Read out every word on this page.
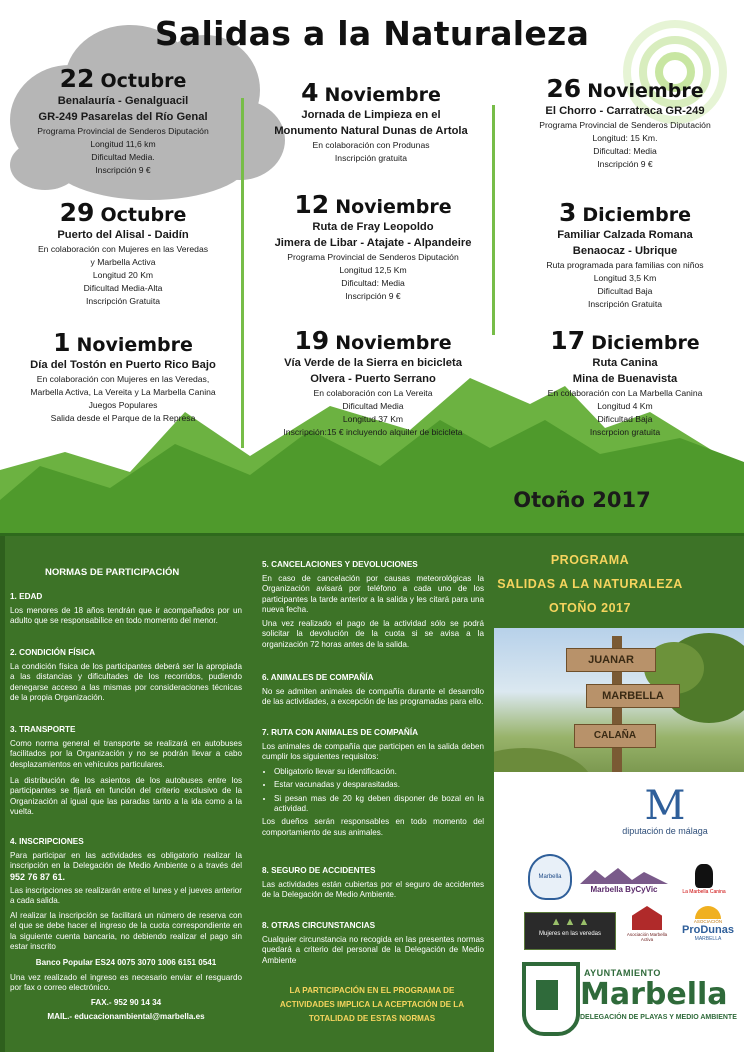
Salidas a la Naturaleza
22 Octubre
Benalauría - Genalguacil
GR-249 Pasarelas del Río Genal
Programa Provincial de Senderos Diputación
Longitud 11,6 km
Dificultad Media.
Inscripción 9 €
4 Noviembre
Jornada de Limpieza en el
Monumento Natural Dunas de Artola
En colaboración con Produnas
Inscripción gratuita
26 Noviembre
El Chorro - Carratraca GR-249
Programa Provincial de Senderos Diputación
Longitud: 15 Km.
Dificultad: Media
Inscripción 9 €
29 Octubre
Puerto del Alisal - Daidín
En colaboración con Mujeres en las Veredas
y Marbella Activa
Longitud 20 Km
Dificultad Media-Alta
Inscripción Gratuita
12 Noviembre
Ruta de Fray Leopoldo
Jimera de Libar - Atajate - Alpandeire
Programa Provincial de Senderos Diputación
Longitud 12,5 Km
Dificultad: Media
Inscripción 9 €
3 Diciembre
Familiar Calzada Romana
Benaocaz - Ubrique
Ruta programada para familias con niños
Longitud 3,5 Km
Dificultad Baja
Inscripción Gratuita
1 Noviembre
Día del Tostón en Puerto Rico Bajo
En colaboración con Mujeres en las Veredas,
Marbella Activa, La Vereita y La Marbella Canina
Juegos Populares
Salida desde el Parque de la Represa
19 Noviembre
Vía Verde de la Sierra en bicicleta
Olvera - Puerto Serrano
En colaboración con La Vereita
Dificultad Media
Longitud 37 Km
Inscripción:15 € incluyendo alquiler de bicicleta
17 Diciembre
Ruta Canina
Mina de Buenavista
En colaboración con La Marbella Canina
Longitud 4 Km
Dificultad Baja
Inscrpcion gratuita
Otoño 2017
NORMAS DE PARTICIPACIÓN
1. EDAD
Los menores de 18 años tendrán que ir acompañados por un adulto que se responsabilice en todo momento del menor.
2. CONDICIÓN FÍSICA
La condición física de los participantes deberá ser la apropiada a las distancias y dificultades de los recorridos, pudiendo denegarse acceso a las mismas por consideraciones técnicas de la propia Organización.
3. TRANSPORTE
Como norma general el transporte se realizará en autobuses facilitados por la Organización y no se podrán llevar a cabo desplazamientos en vehículos particulares.
La distribución de los asientos de los autobuses entre los participantes se fijará en función del criterio exclusivo de la Organización al igual que las paradas tanto a la ida como a la vuelta.
4. INSCRIPCIONES
Para participar en las actividades es obligatorio realizar la inscripción en la Delegación de Medio Ambiente o a través del 952 76 87 61.
Las inscripciones se realizarán entre el lunes y el jueves anterior a cada salida.
Al realizar la inscripción se facilitará un número de reserva con el que se debe hacer el ingreso de la cuota correspondiente en la siguiente cuenta bancaria, no debiendo realizar el pago sin estar inscrito
Banco Popular ES24 0075 3070 1006 6151 0541
Una vez realizado el ingreso es necesario enviar el resguardo por fax o correo electrónico.
FAX.- 952 90 14 34
MAIL.- educacionambiental@marbella.es
5. CANCELACIONES Y DEVOLUCIONES
En caso de cancelación por causas meteorológicas la Organización avisará por teléfono a cada uno de los participantes la tarde anterior a la salida y les citará para una nueva fecha.
Una vez realizado el pago de la actividad sólo se podrá solicitar la devolución de la cuota si se avisa a la organización 72 horas antes de la salida.
6. ANIMALES DE COMPAÑÍA
No se admiten animales de compañía durante el desarrollo de las actividades, a excepción de las programadas para ello.
7. RUTA CON ANIMALES DE COMPAÑÍA
Los animales de compañía que participen en la salida deben cumplir los siguientes requisitos:
• Obligatorio llevar su identificación.
• Estar vacunadas y desparasitadas.
• Si pesan mas de 20 kg deben disponer de bozal en la actividad.
Los dueños serán responsables en todo momento del comportamiento de sus animales.
8. SEGURO DE ACCIDENTES
Las actividades están cubiertas por el seguro de accidentes de la Delegación de Medio Ambiente.
8. OTRAS CIRCUNSTANCIAS
Cualquier circunstancia no recogida en las presentes normas quedará a criterio del personal de la Delegación de Medio Ambiente
LA PARTICIPACIÓN EN EL PROGRAMA DE ACTIVIDADES IMPLICA LA ACEPTACIÓN DE LA TOTALIDAD DE ESTAS NORMAS
PROGRAMA
SALIDAS A LA NATURALEZA
OTOÑO 2017
JUANAR
MARBELLA
CALAÑA
M
diputación de málaga
Marbella
Marbella ByCyVic	La Marbella Canina
▲ ▲ ▲
Mujeres en las veredas	Asociación Marbella Activa
ASOCIACIÓN
ProDunas
MARBELLA
AYUNTAMIENTO
Marbella
DELEGACIÓN DE PLAYAS Y MEDIO AMBIENTE
